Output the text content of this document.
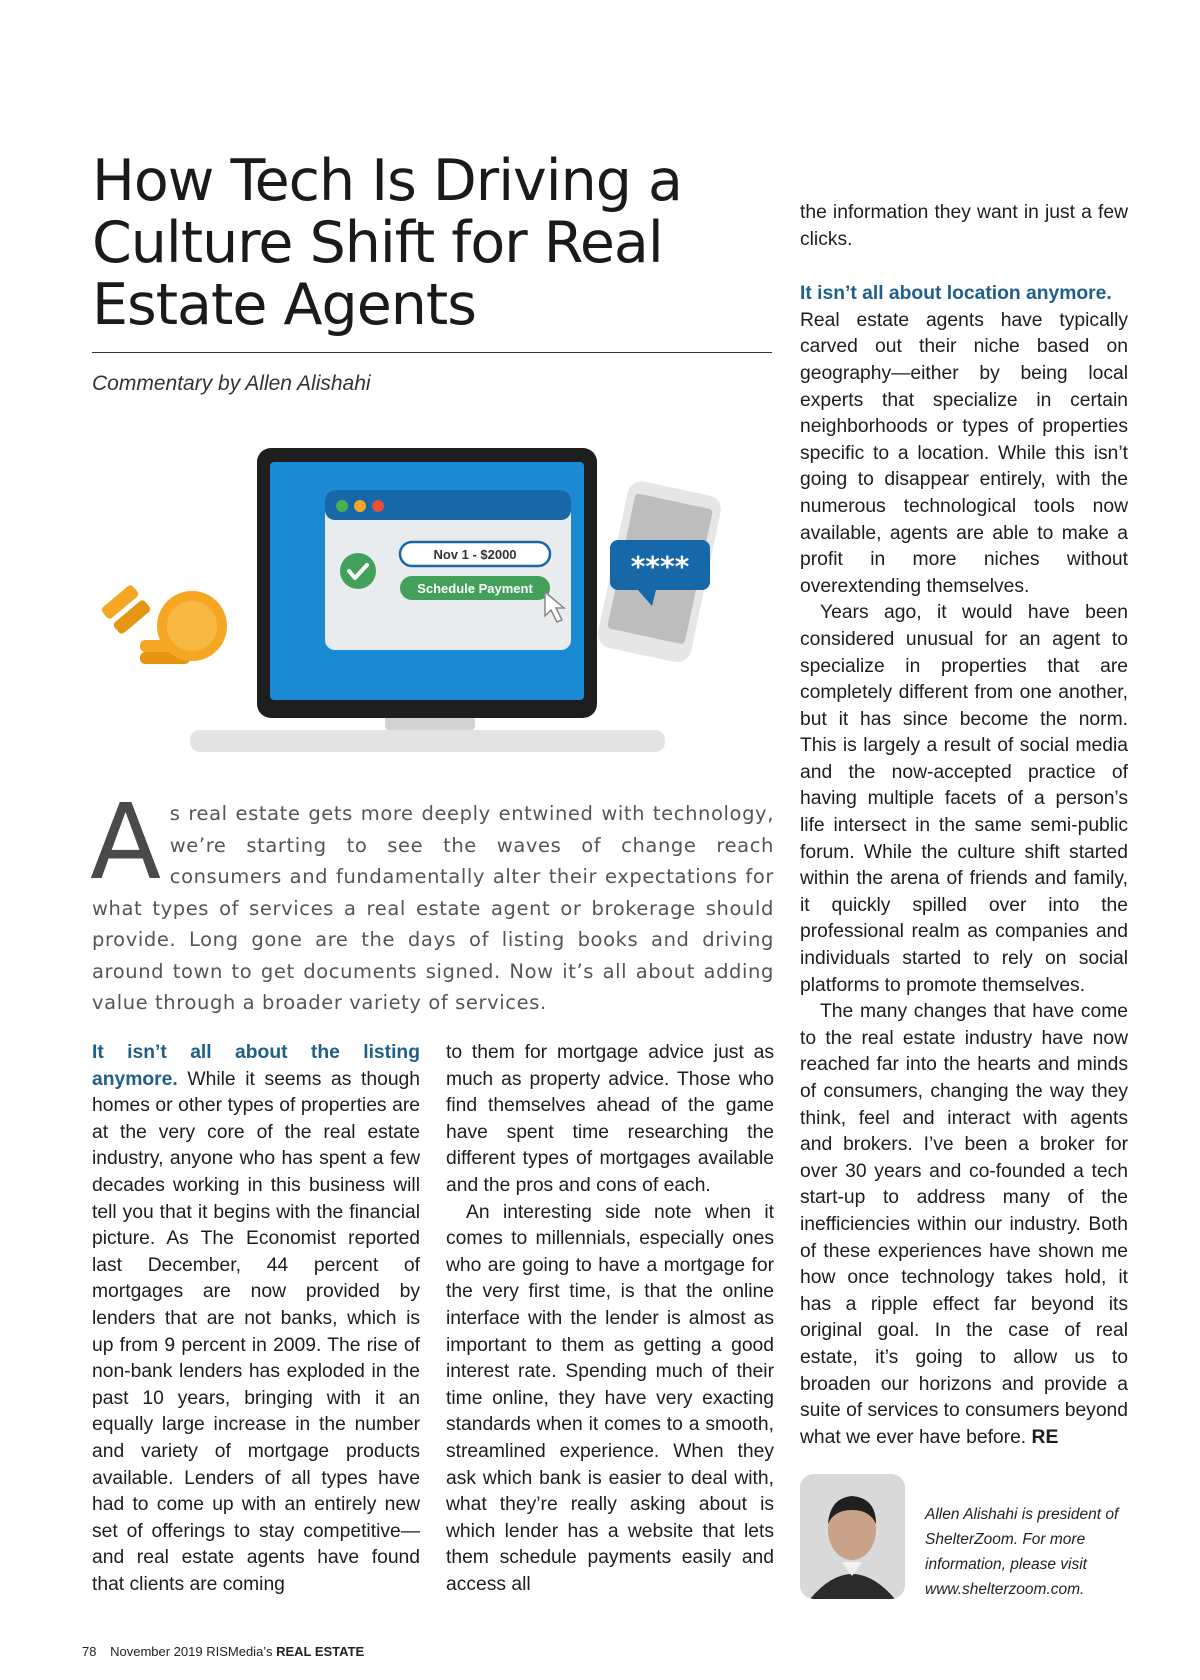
How Tech Is Driving a
Culture Shift for Real
Estate Agents
Commentary by Allen Alishahi
Nov 1 - $2000
Schedule Payment
****

As real estate gets more deeply entwined with technology, we’re starting to see the waves of change reach consumers and fundamentally alter their expectations for what types of services a real estate agent or brokerage should provide. Long gone are the days of listing books and driving around town to get documents signed. Now it’s all about adding value through a broader variety of services.

It isn’t all about the listing anymore. While it seems as though homes or other types of properties are at the very core of the real estate industry, anyone who has spent a few decades working in this business will tell you that it begins with the financial picture. As The Economist reported last December, 44 percent of mortgages are now provided by lenders that are not banks, which is up from 9 percent in 2009. The rise of non-bank lenders has exploded in the past 10 years, bringing with it an equally large increase in the number and variety of mortgage products available. Lenders of all types have had to come up with an entirely new set of offerings to stay competitive—and real estate agents have found that clients are coming

to them for mortgage advice just as much as property advice. Those who find themselves ahead of the game have spent time researching the different types of mortgages available and the pros and cons of each.

An interesting side note when it comes to millennials, especially ones who are going to have a mortgage for the very first time, is that the online interface with the lender is almost as important to them as getting a good interest rate. Spending much of their time online, they have very exacting standards when it comes to a smooth, streamlined experience. When they ask which bank is easier to deal with, what they’re really asking about is which lender has a website that lets them schedule payments easily and access all

the information they want in just a few clicks.

It isn’t all about location anymore.

Real estate agents have typically carved out their niche based on geography—either by being local experts that specialize in certain neighborhoods or types of properties specific to a location. While this isn’t going to disappear entirely, with the numerous technological tools now available, agents are able to make a profit in more niches without overextending themselves.

Years ago, it would have been considered unusual for an agent to specialize in properties that are completely different from one another, but it has since become the norm. This is largely a result of social media and the now-accepted practice of having multiple facets of a person’s life intersect in the same semi-public forum. While the culture shift started within the arena of friends and family, it quickly spilled over into the professional realm as companies and individuals started to rely on social platforms to promote themselves.

The many changes that have come to the real estate industry have now reached far into the hearts and minds of consumers, changing the way they think, feel and interact with agents and brokers. I’ve been a broker for over 30 years and co-founded a tech start-up to address many of the inefficiencies within our industry. Both of these experiences have shown me how once technology takes hold, it has a ripple effect far beyond its original goal. In the case of real estate, it’s going to allow us to broaden our horizons and provide a suite of services to consumers beyond what we ever have before. RE

Allen Alishahi is president of ShelterZoom. For more information, please visit www.shelterzoom.com.
78 November 2019 RISMedia’s REAL ESTATE
